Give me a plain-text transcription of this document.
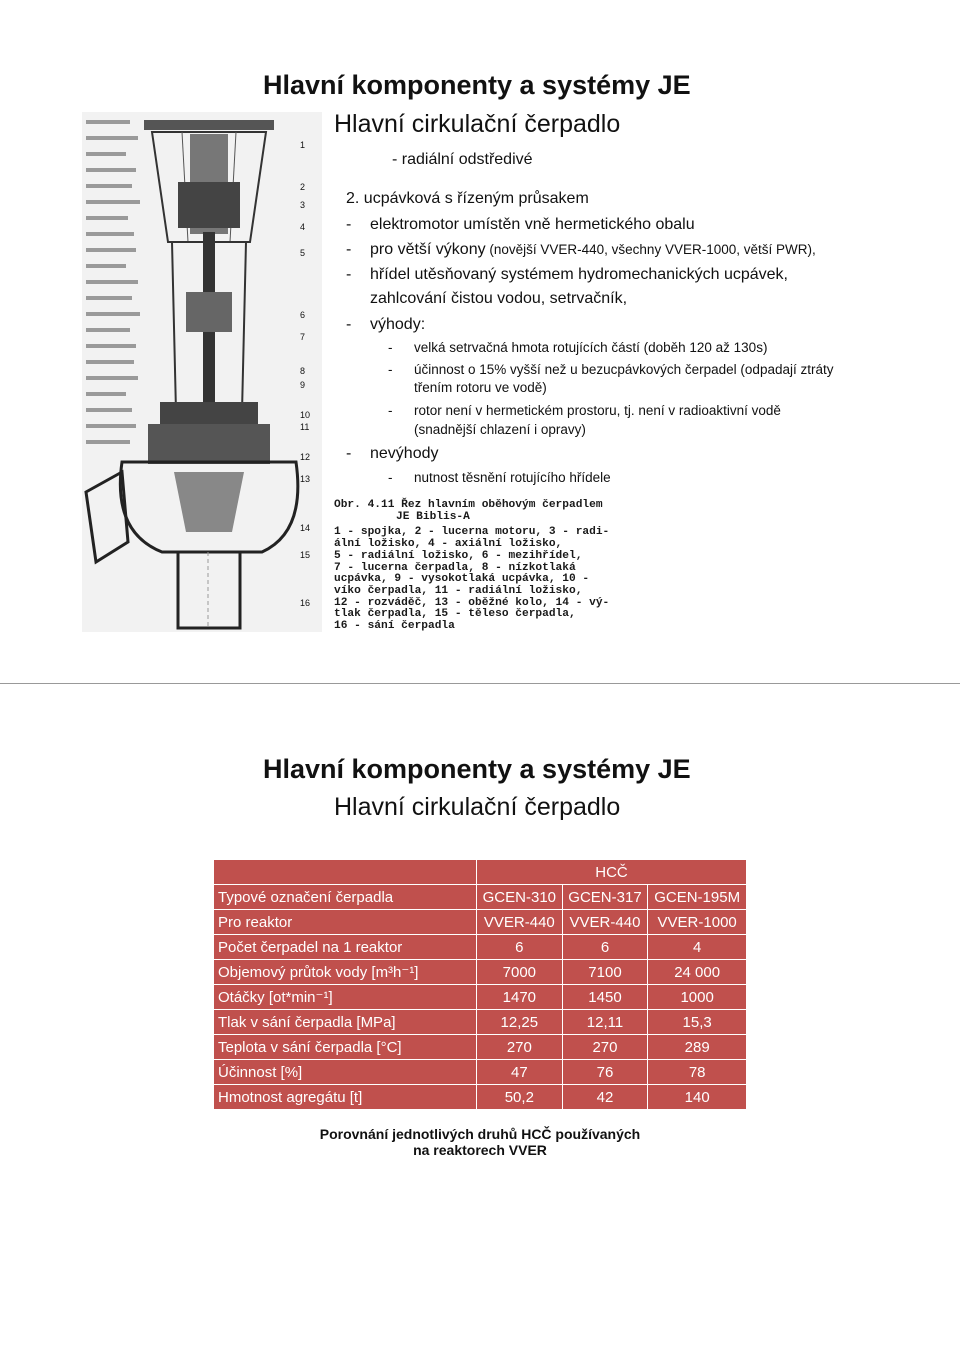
Hlavní komponenty a systémy JE
Hlavní cirkulační čerpadlo
- radiální odstředivé
2. ucpávková s řízeným průsakem
1
2
3
4
5
6
7
8
9
10
11
12
13
14
15
16
- elektromotor umístěn vně hermetického obalu
- pro větší výkony (novější VVER-440, všechny VVER-1000, větší PWR),
- hřídel utěsňovaný systémem hydromechanických ucpávek,
zahlcování čistou vodou, setrvačník,
- výhody:
- velká setrvačná hmota rotujících částí (doběh 120 až 130s)
- účinnost o 15% vyšší než u bezucpávkových čerpadel (odpadají ztráty
třením rotoru ve vodě)
- rotor není v hermetickém prostoru, tj. není v radioaktivní vodě
(snadnější chlazení i opravy)
- nevýhody
- nutnost těsnění rotujícího hřídele
Obr. 4.11 Řez hlavním oběhovým čerpadlem
JE Biblis-A
1 - spojka, 2 - lucerna motoru, 3 - radi-
ální ložisko, 4 - axiální ložisko,
5 - radiální ložisko, 6 - mezihřídel,
7 - lucerna čerpadla, 8 - nízkotlaká
ucpávka, 9 - vysokotlaká ucpávka, 10 -
víko čerpadla, 11 - radiální ložisko,
12 - rozváděč, 13 - oběžné kolo, 14 - vý-
tlak čerpadla, 15 - těleso čerpadla,
16 - sání čerpadla
Hlavní komponenty a systémy JE
Hlavní cirkulační čerpadlo
	HCČ		
Typové označení čerpadla	GCEN-310	GCEN-317	GCEN-195M
Pro reaktor	VVER-440	VVER-440	VVER-1000
Počet čerpadel na 1 reaktor	6	6	4
Objemový průtok vody [m³h⁻¹]	7000	7100	24 000
Otáčky [ot*min⁻¹]	1470	1450	1000
Tlak v sání čerpadla [MPa]	12,25	12,11	15,3
Teplota v sání čerpadla [°C]	270	270	289
Účinnost [%]	47	76	78
Hmotnost agregátu [t]	50,2	42	140
Porovnání jednotlivých druhů HCČ používaných
na reaktorech VVER
